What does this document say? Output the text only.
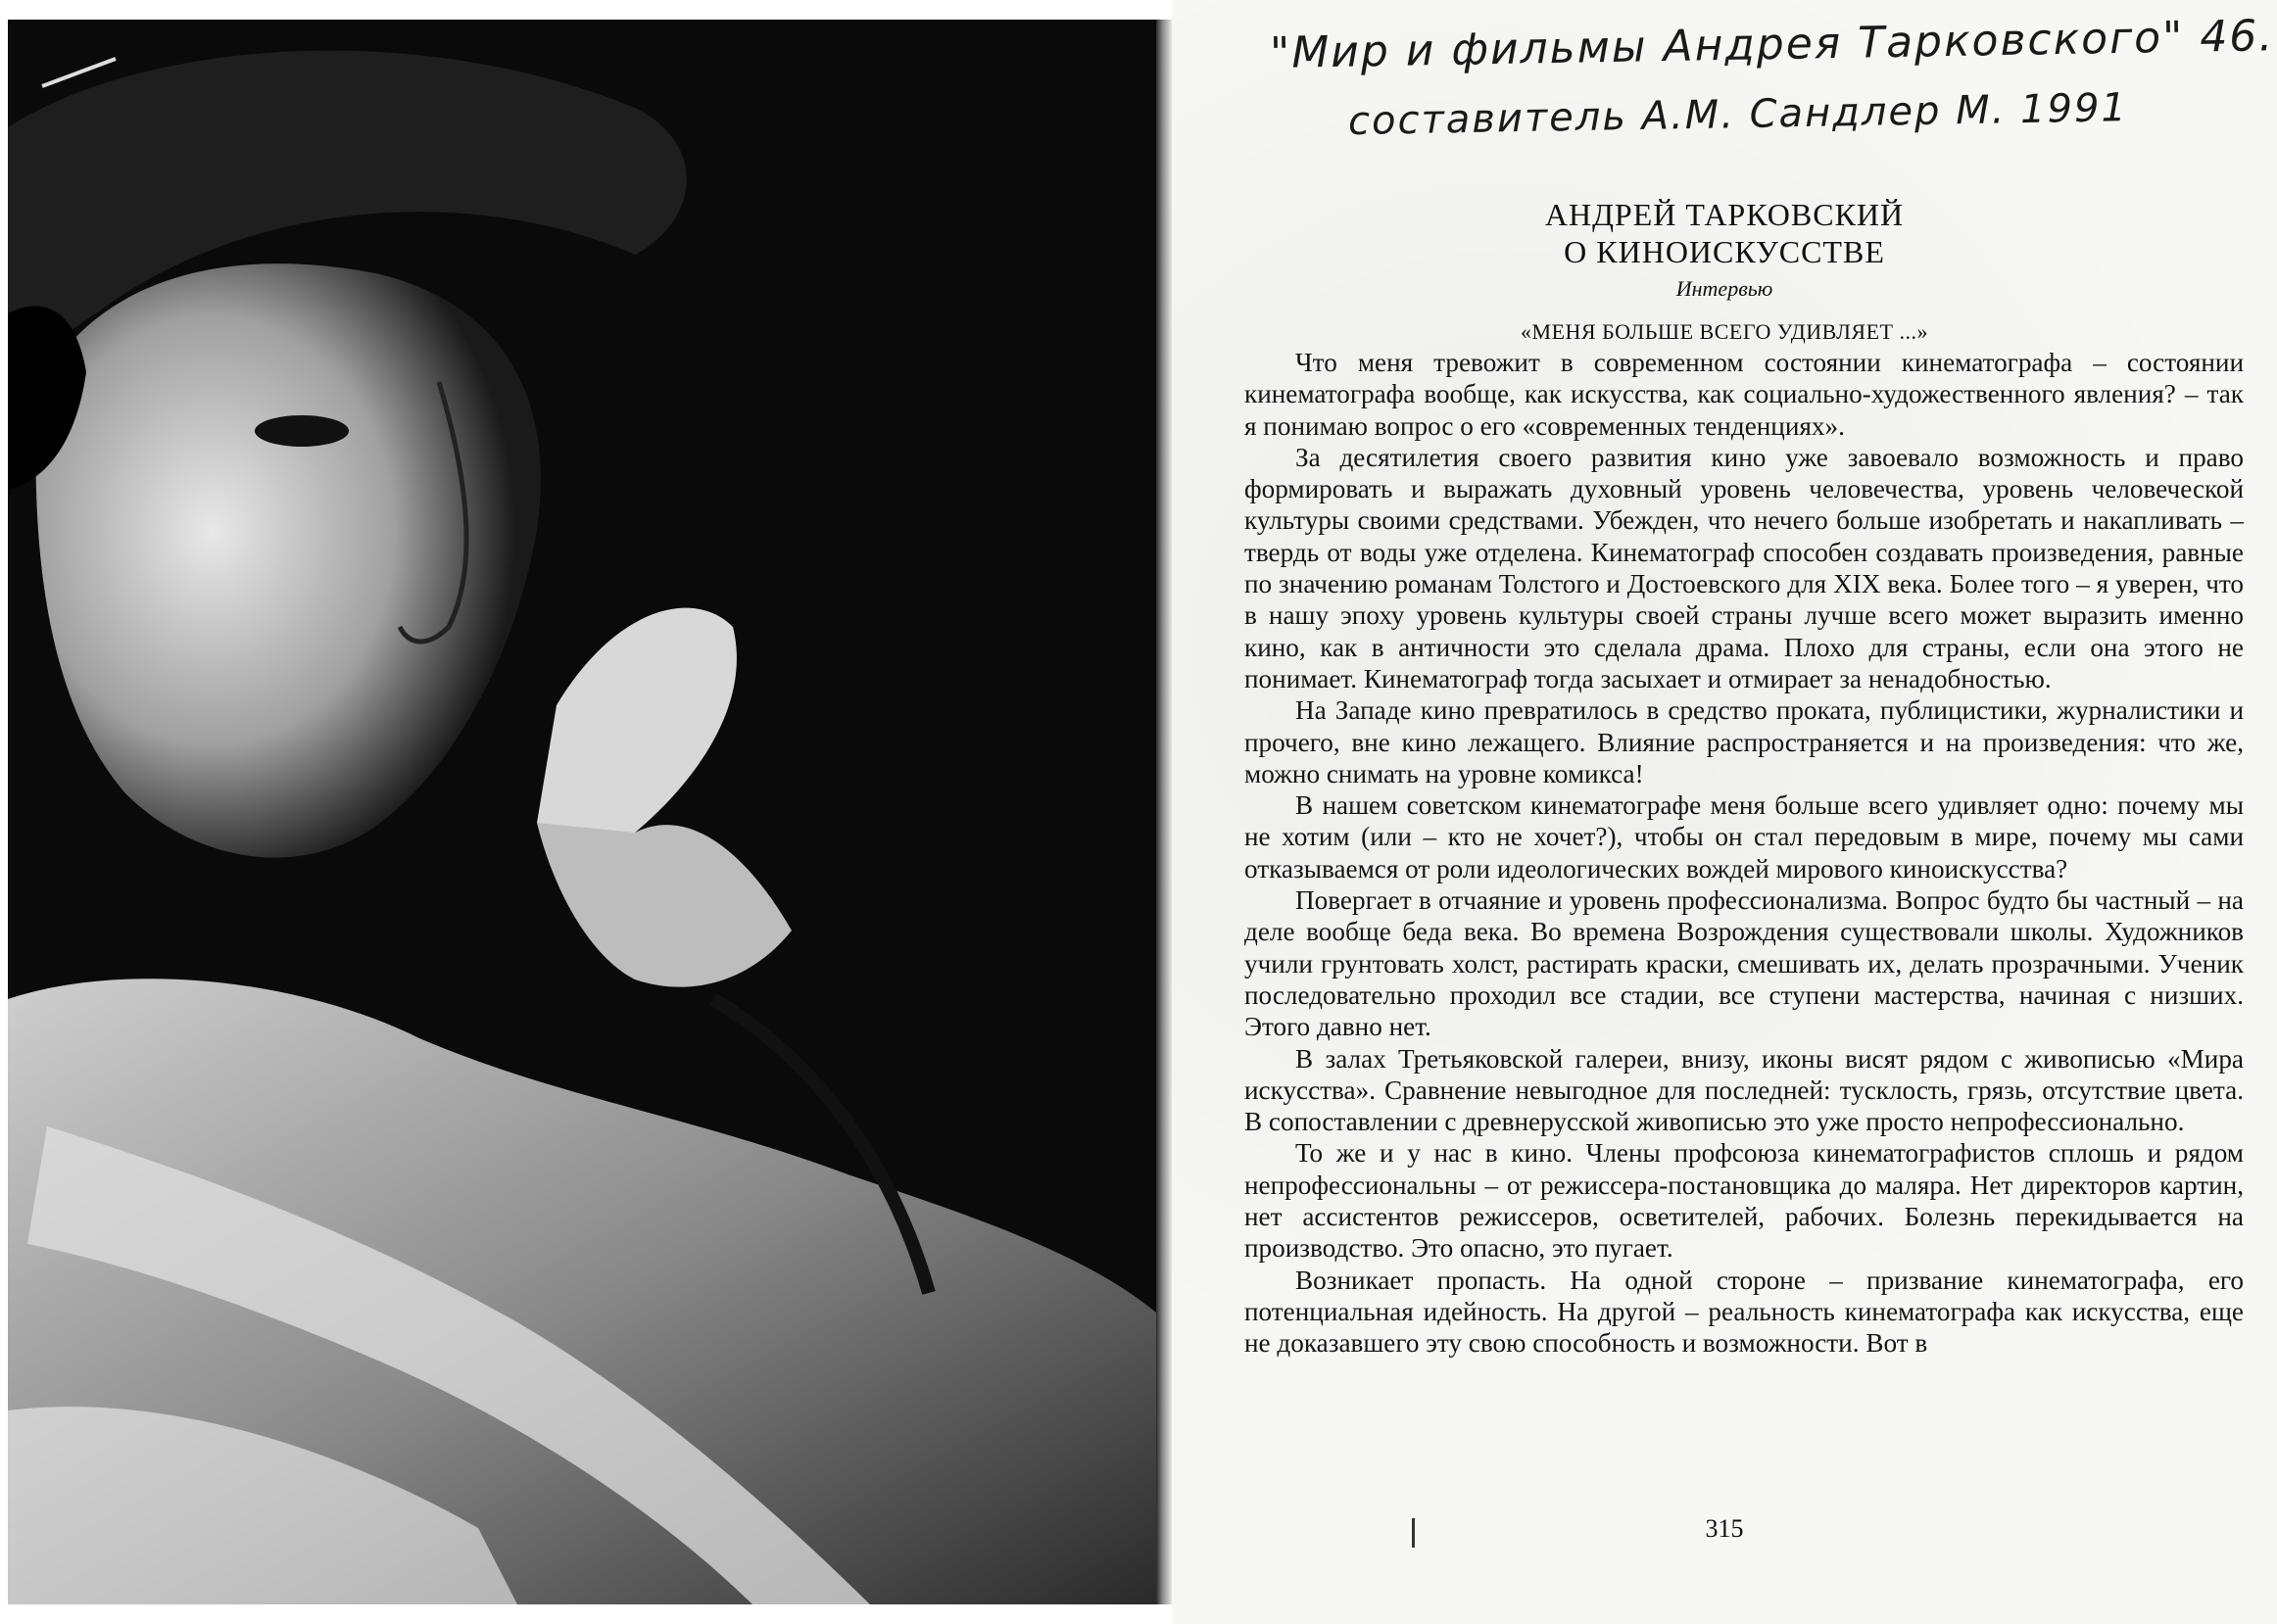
"Мир и фильмы Андрея Тарковского" 46.
составитель А.М. Сандлер М. 1991
АНДРЕЙ ТАРКОВСКИЙ
О КИНОИСКУССТВЕ
Интервью
«МЕНЯ БОЛЬШЕ ВСЕГО УДИВЛЯЕТ ...»

Что меня тревожит в современном состоянии кинематографа – состоянии кинематографа вообще, как искусства, как социально-художественного явления? – так я понимаю вопрос о его «современных тенденциях».

За десятилетия своего развития кино уже завоевало возможность и право формировать и выражать духовный уровень человечества, уровень человеческой культуры своими средствами. Убежден, что нечего больше изобретать и накапливать – твердь от воды уже отделена. Кинематограф способен создавать произведения, равные по значению романам Толстого и Достоевского для XIX века. Более того – я уверен, что в нашу эпоху уровень культуры своей страны лучше всего может выразить именно кино, как в античности это сделала драма. Плохо для страны, если она этого не понимает. Кинематограф тогда засыхает и отмирает за ненадобностью.

На Западе кино превратилось в средство проката, публицистики, журналистики и прочего, вне кино лежащего. Влияние распространяется и на произведения: что же, можно снимать на уровне комикса!

В нашем советском кинематографе меня больше всего удивляет одно: почему мы не хотим (или – кто не хочет?), чтобы он стал передовым в мире, почему мы сами отказываемся от роли идеологических вождей мирового киноискусства?

Повергает в отчаяние и уровень профессионализма. Вопрос будто бы частный – на деле вообще беда века. Во времена Возрождения существовали школы. Художников учили грунтовать холст, растирать краски, смешивать их, делать прозрачными. Ученик последовательно проходил все стадии, все ступени мастерства, начиная с низших. Этого давно нет.

В залах Третьяковской галереи, внизу, иконы висят рядом с живописью «Мира искусства». Сравнение невыгодное для последней: тусклость, грязь, отсутствие цвета. В сопоставлении с древнерусской живописью это уже просто непрофессионально.

То же и у нас в кино. Члены профсоюза кинематографистов сплошь и рядом непрофессиональны – от режиссера-постановщика до маляра. Нет директоров картин, нет ассистентов режиссеров, осветителей, рабочих. Болезнь перекидывается на производство. Это опасно, это пугает.

Возникает пропасть. На одной стороне – призвание кинематографа, его потенциальная идейность. На другой – реальность кинематографа как искусства, еще не доказавшего эту свою способность и возможности. Вот в

315
